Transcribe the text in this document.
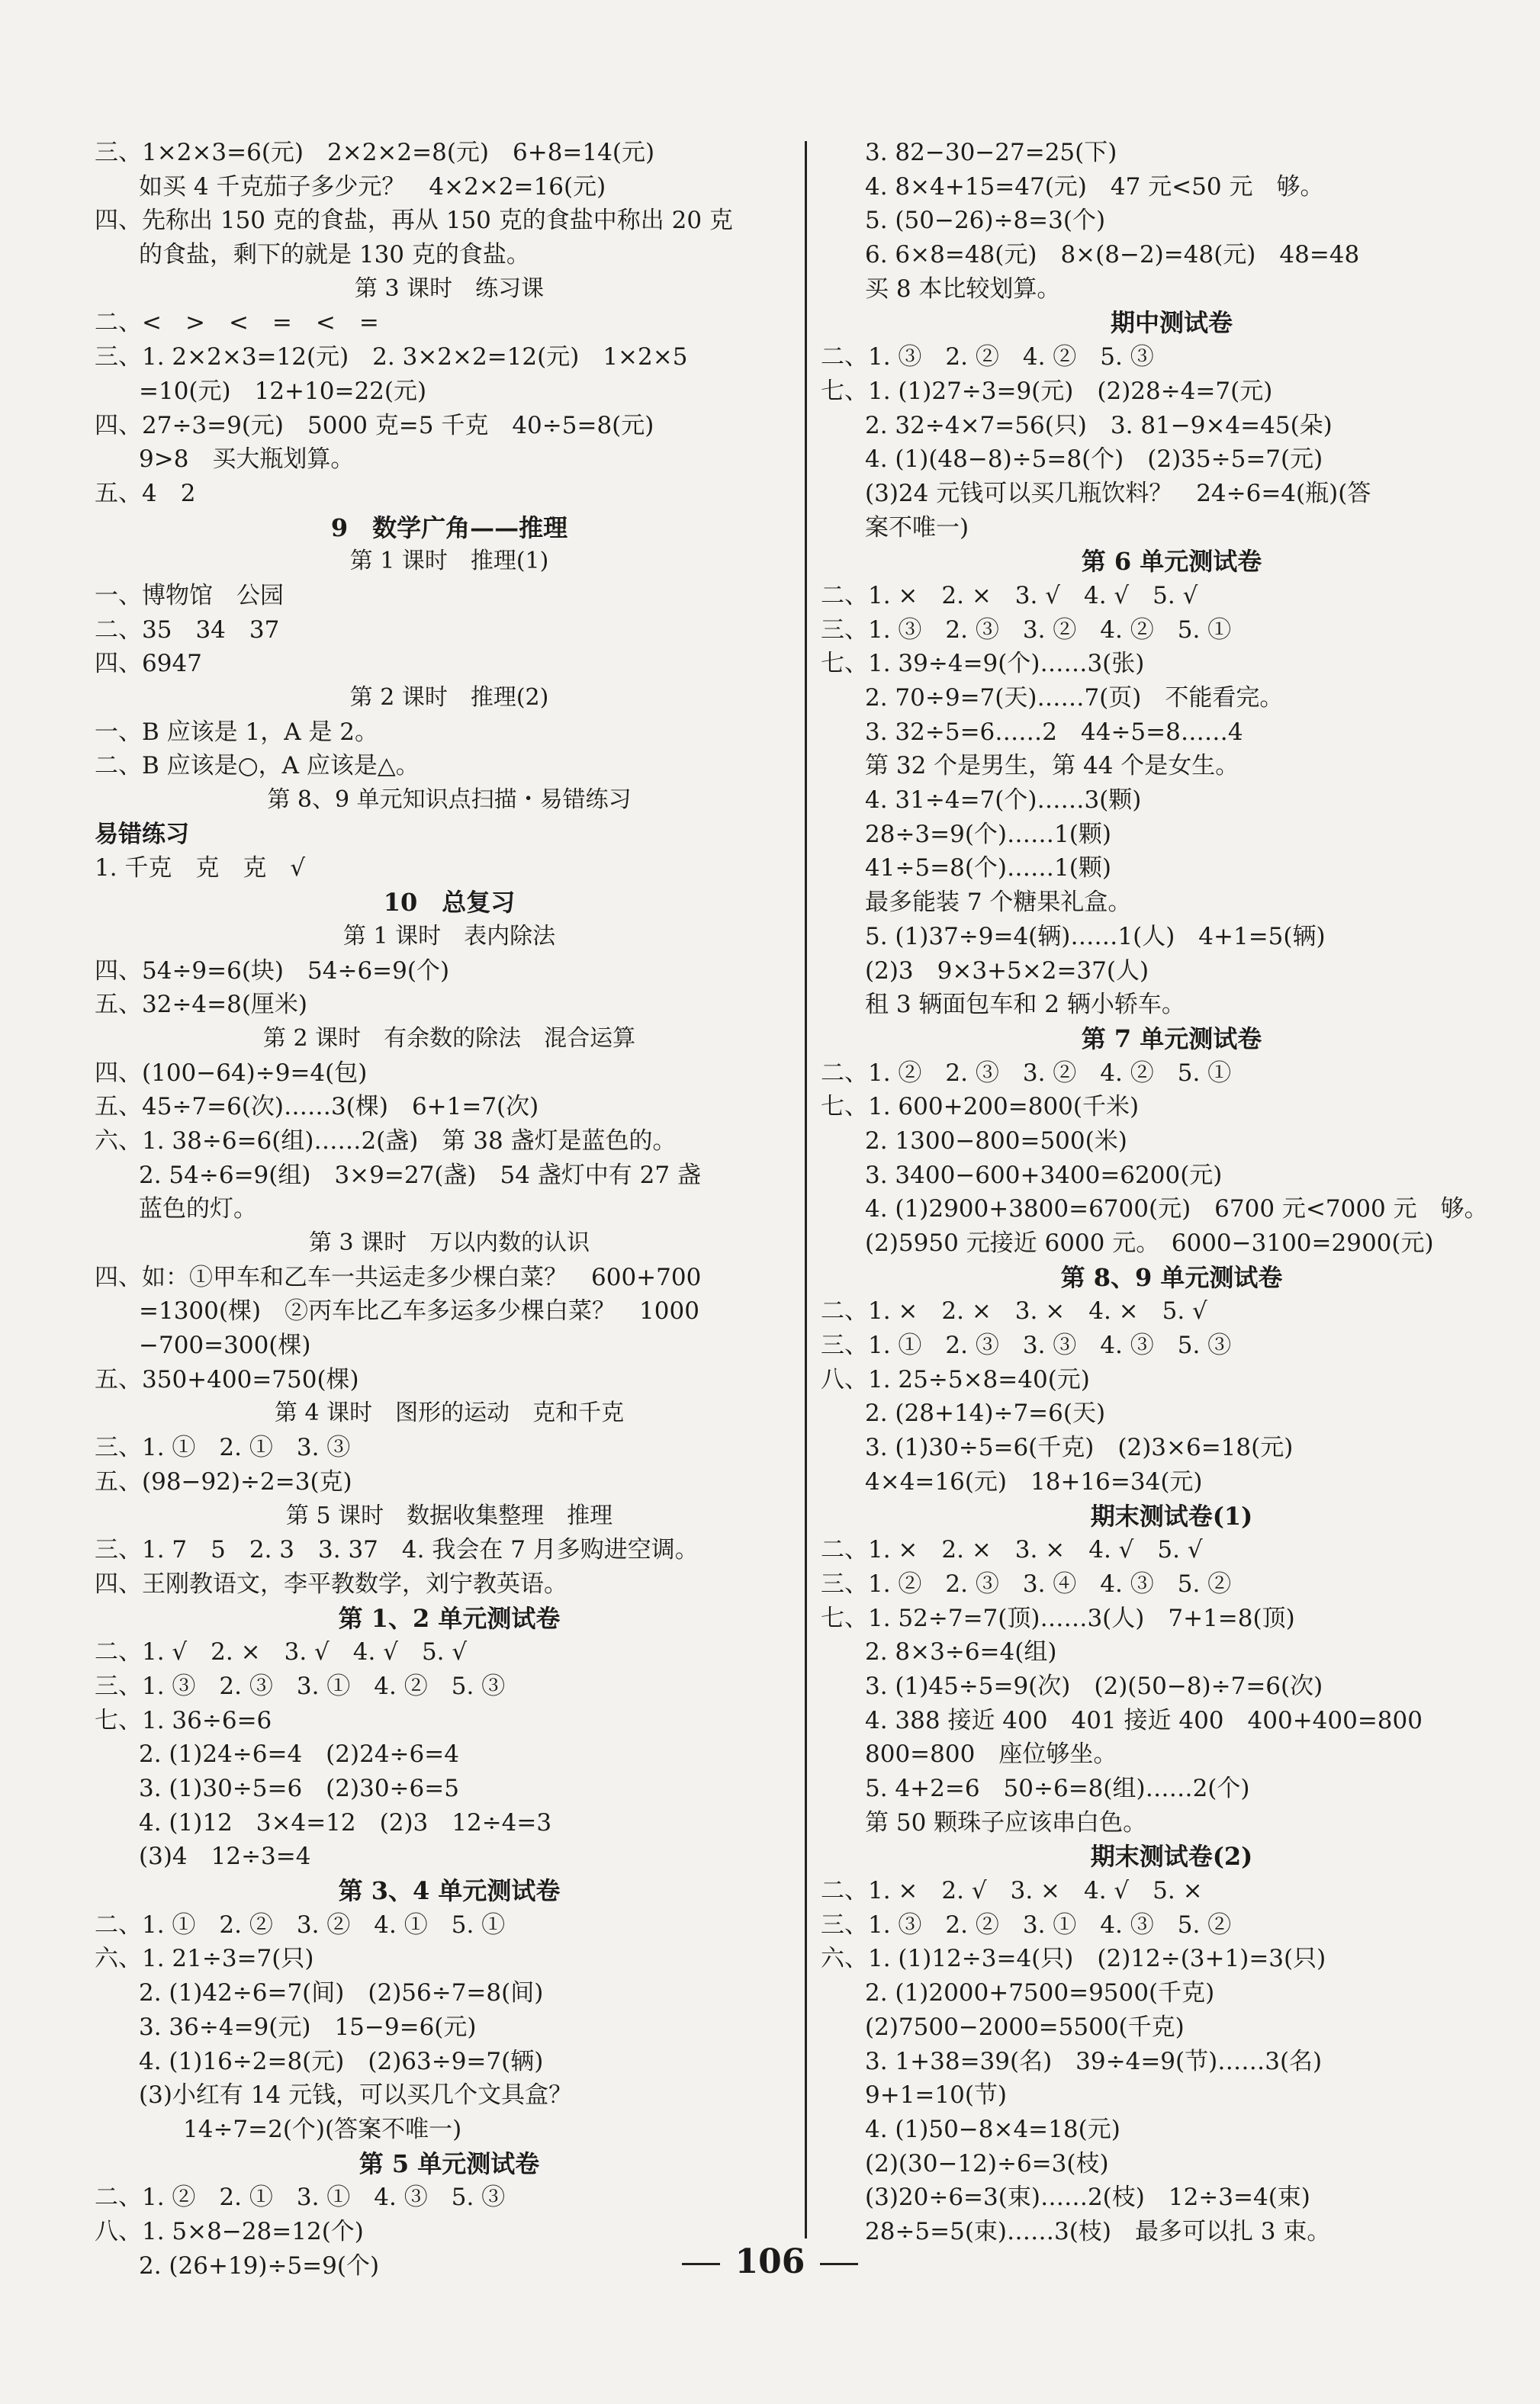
三、1×2×3=6(元)　2×2×2=8(元)　6+8=14(元)
如买 4 千克茄子多少元？　4×2×2=16(元)
四、先称出 150 克的食盐，再从 150 克的食盐中称出 20 克
的食盐，剩下的就是 130 克的食盐。
第 3 课时　练习课
二、<　>　<　=　<　=
三、1. 2×2×3=12(元)　2. 3×2×2=12(元)　1×2×5
=10(元)　12+10=22(元)
四、27÷3=9(元)　5000 克=5 千克　40÷5=8(元)
9>8　买大瓶划算。
五、4　2
9　数学广角——推理
第 1 课时　推理(1)
一、博物馆　公园
二、35　34　37
四、6947
第 2 课时　推理(2)
一、B 应该是 1，A 是 2。
二、B 应该是○，A 应该是△。
第 8、9 单元知识点扫描・易错练习
易错练习
1. 千克　克　克　√
10　总复习
第 1 课时　表内除法
四、54÷9=6(块)　54÷6=9(个)
五、32÷4=8(厘米)
第 2 课时　有余数的除法　混合运算
四、(100−64)÷9=4(包)
五、45÷7=6(次)……3(棵)　6+1=7(次)
六、1. 38÷6=6(组)……2(盏)　第 38 盏灯是蓝色的。
2. 54÷6=9(组)　3×9=27(盏)　54 盏灯中有 27 盏
蓝色的灯。
第 3 课时　万以内数的认识
四、如：①甲车和乙车一共运走多少棵白菜？　600+700
=1300(棵)　②丙车比乙车多运多少棵白菜？　1000
−700=300(棵)
五、350+400=750(棵)
第 4 课时　图形的运动　克和千克
三、1. ①　2. ①　3. ③
五、(98−92)÷2=3(克)
第 5 课时　数据收集整理　推理
三、1. 7　5　2. 3　3. 37　4. 我会在 7 月多购进空调。
四、王刚教语文，李平教数学，刘宁教英语。
第 1、2 单元测试卷
二、1. √　2. ×　3. √　4. √　5. √
三、1. ③　2. ③　3. ①　4. ②　5. ③
七、1. 36÷6=6
2. (1)24÷6=4　(2)24÷6=4
3. (1)30÷5=6　(2)30÷6=5
4. (1)12　3×4=12　(2)3　12÷4=3
(3)4　12÷3=4
第 3、4 单元测试卷
二、1. ①　2. ②　3. ②　4. ①　5. ①
六、1. 21÷3=7(只)
2. (1)42÷6=7(间)　(2)56÷7=8(间)
3. 36÷4=9(元)　15−9=6(元)
4. (1)16÷2=8(元)　(2)63÷9=7(辆)
(3)小红有 14 元钱，可以买几个文具盒？
14÷7=2(个)(答案不唯一)
第 5 单元测试卷
二、1. ②　2. ①　3. ①　4. ③　5. ③
八、1. 5×8−28=12(个)
2. (26+19)÷5=9(个)
3. 82−30−27=25(下)
4. 8×4+15=47(元)　47 元<50 元　够。
5. (50−26)÷8=3(个)
6. 6×8=48(元)　8×(8−2)=48(元)　48=48
买 8 本比较划算。
期中测试卷
二、1. ③　2. ②　4. ②　5. ③
七、1. (1)27÷3=9(元)　(2)28÷4=7(元)
2. 32÷4×7=56(只)　3. 81−9×4=45(朵)
4. (1)(48−8)÷5=8(个)　(2)35÷5=7(元)
(3)24 元钱可以买几瓶饮料？　24÷6=4(瓶)(答
案不唯一)
第 6 单元测试卷
二、1. ×　2. ×　3. √　4. √　5. √
三、1. ③　2. ③　3. ②　4. ②　5. ①
七、1. 39÷4=9(个)……3(张)
2. 70÷9=7(天)……7(页)　不能看完。
3. 32÷5=6……2　44÷5=8……4
第 32 个是男生，第 44 个是女生。
4. 31÷4=7(个)……3(颗)
28÷3=9(个)……1(颗)
41÷5=8(个)……1(颗)
最多能装 7 个糖果礼盒。
5. (1)37÷9=4(辆)……1(人)　4+1=5(辆)
(2)3　9×3+5×2=37(人)
租 3 辆面包车和 2 辆小轿车。
第 7 单元测试卷
二、1. ②　2. ③　3. ②　4. ②　5. ①
七、1. 600+200=800(千米)
2. 1300−800=500(米)
3. 3400−600+3400=6200(元)
4. (1)2900+3800=6700(元)　6700 元<7000 元　够。
(2)5950 元接近 6000 元。　6000−3100=2900(元)
第 8、9 单元测试卷
二、1. ×　2. ×　3. ×　4. ×　5. √
三、1. ①　2. ③　3. ③　4. ③　5. ③
八、1. 25÷5×8=40(元)
2. (28+14)÷7=6(天)
3. (1)30÷5=6(千克)　(2)3×6=18(元)
4×4=16(元)　18+16=34(元)
期末测试卷(1)
二、1. ×　2. ×　3. ×　4. √　5. √
三、1. ②　2. ③　3. ④　4. ③　5. ②
七、1. 52÷7=7(顶)……3(人)　7+1=8(顶)
2. 8×3÷6=4(组)
3. (1)45÷5=9(次)　(2)(50−8)÷7=6(次)
4. 388 接近 400　401 接近 400　400+400=800
800=800　座位够坐。
5. 4+2=6　50÷6=8(组)……2(个)
第 50 颗珠子应该串白色。
期末测试卷(2)
二、1. ×　2. √　3. ×　4. √　5. ×
三、1. ③　2. ②　3. ①　4. ③　5. ②
六、1. (1)12÷3=4(只)　(2)12÷(3+1)=3(只)
2. (1)2000+7500=9500(千克)
(2)7500−2000=5500(千克)
3. 1+38=39(名)　39÷4=9(节)……3(名)
9+1=10(节)
4. (1)50−8×4=18(元)
(2)(30−12)÷6=3(枝)
(3)20÷6=3(束)……2(枝)　12÷3=4(束)
28÷5=5(束)……3(枝)　最多可以扎 3 束。
106
